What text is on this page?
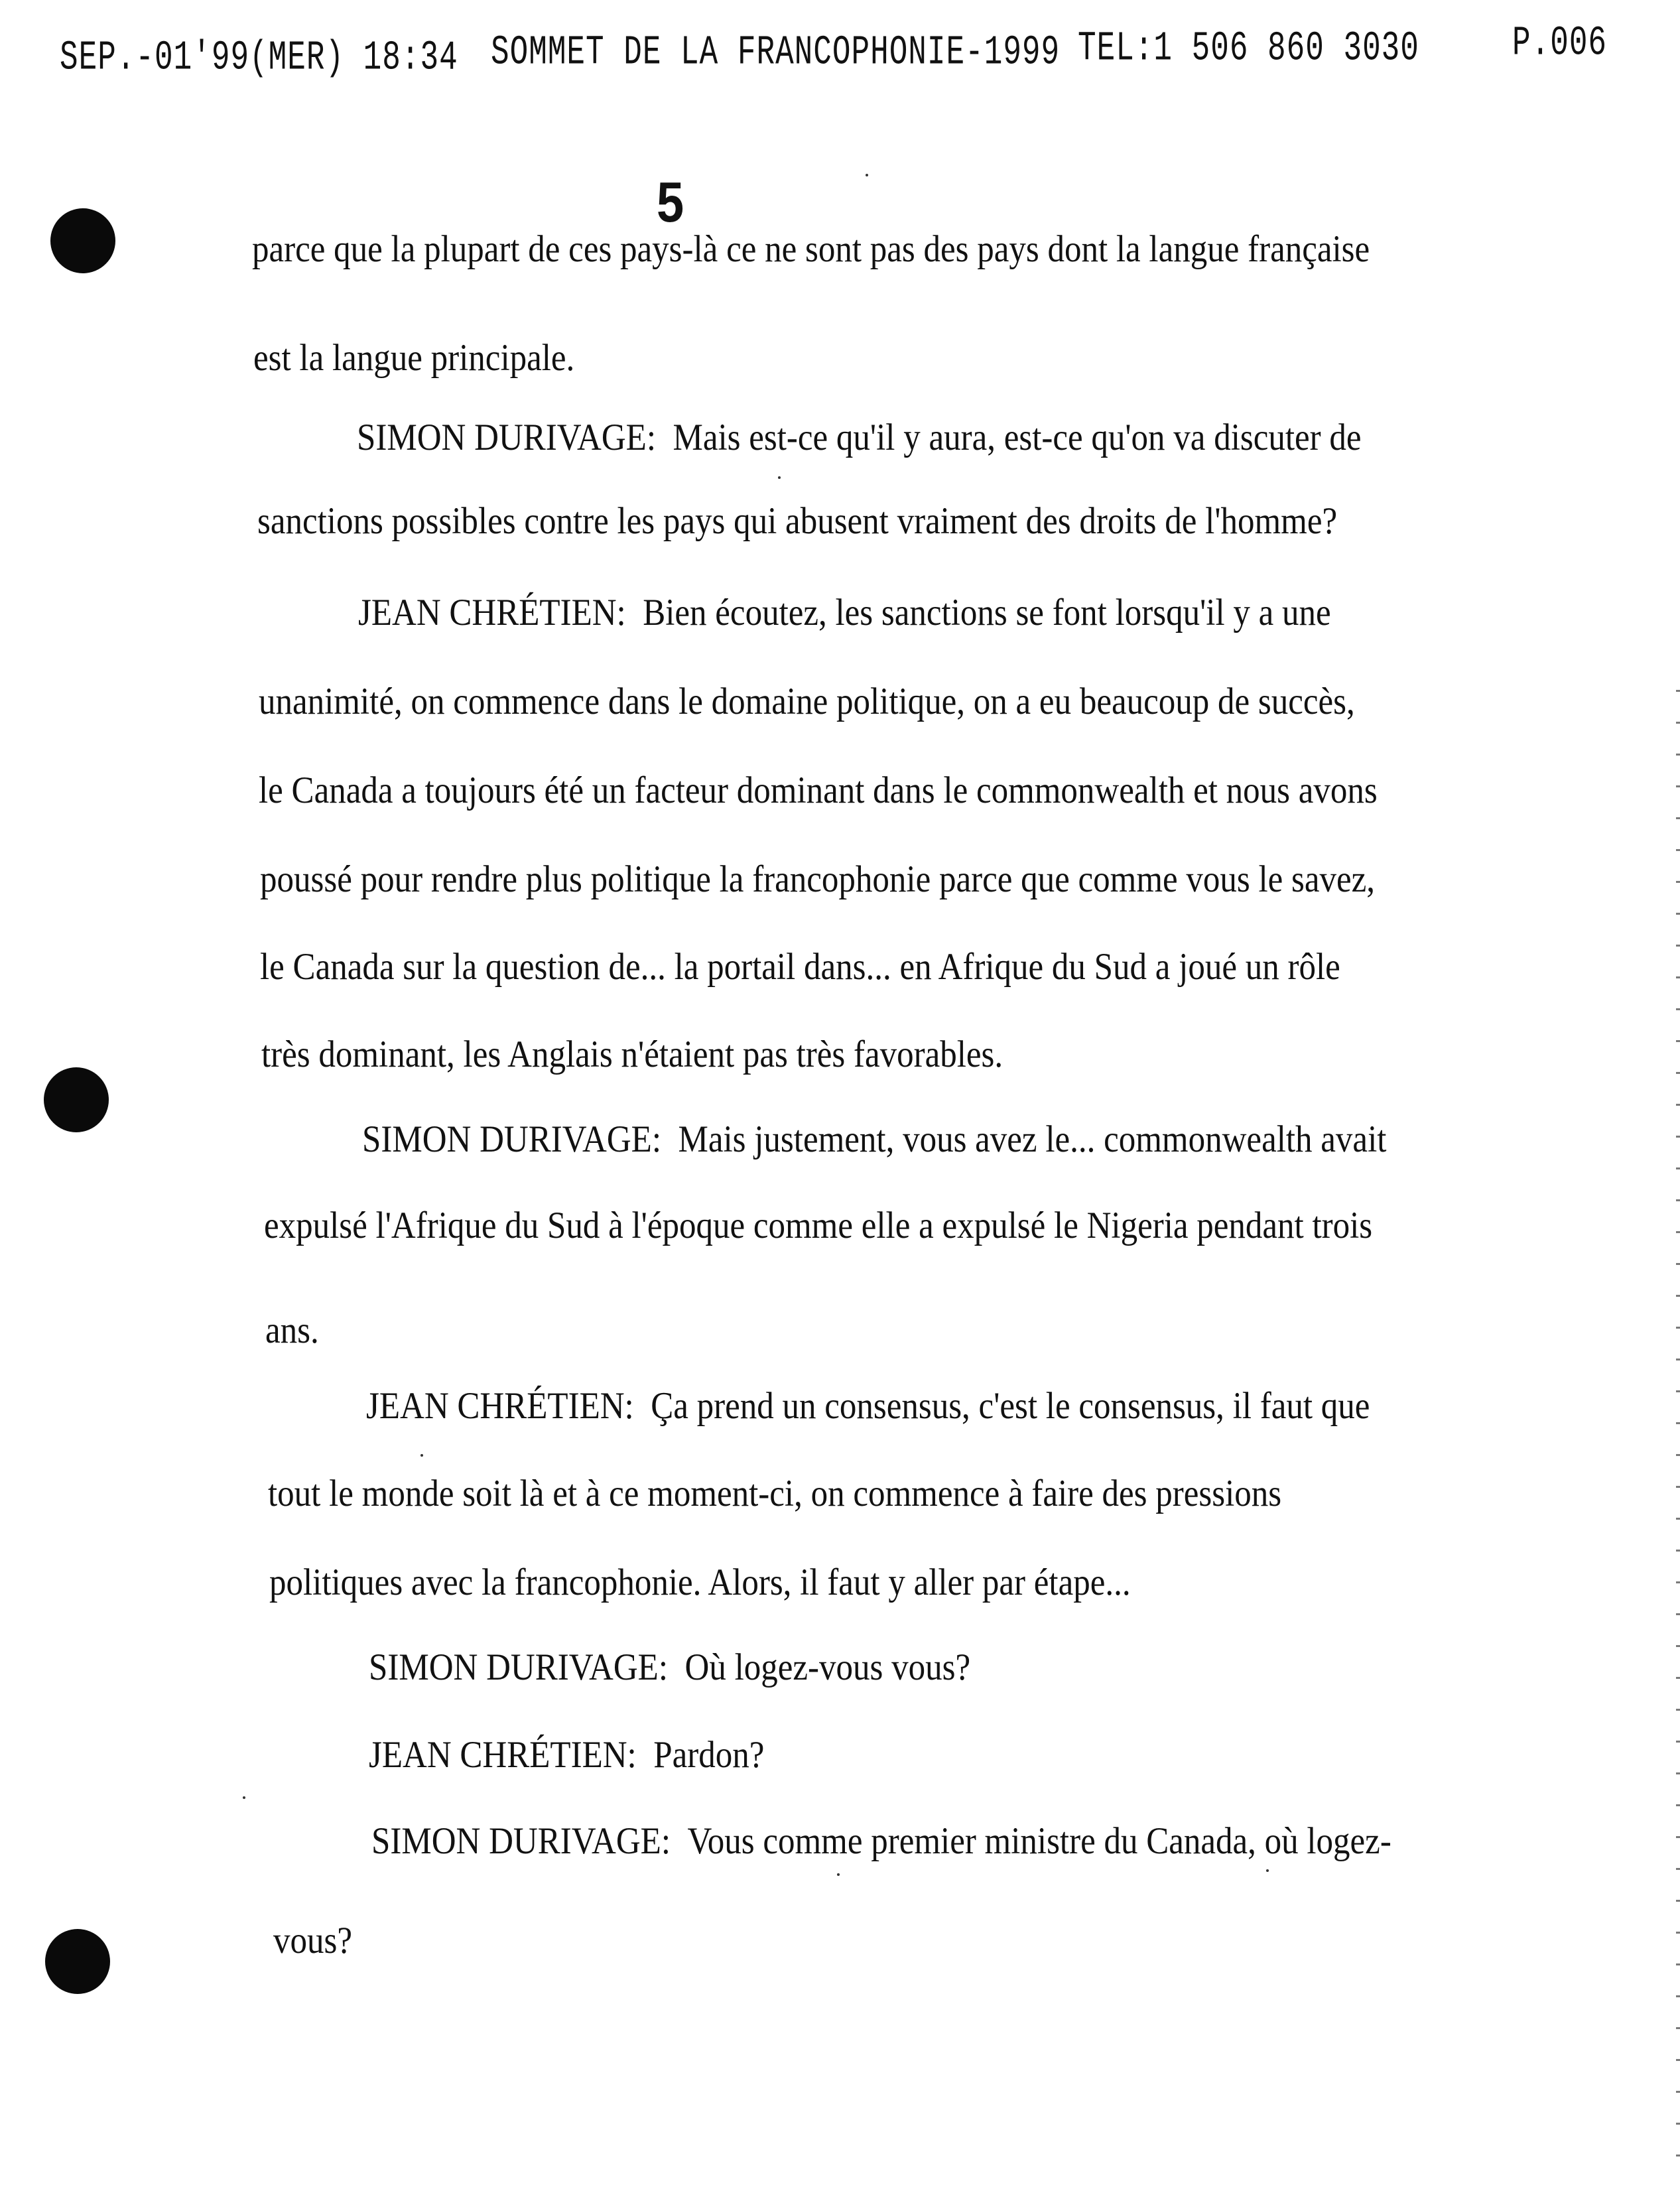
SEP.-01'99(MER) 18:34 SOMMET DE LA FRANCOPHONIE-1999 TEL:1 506 860 3030	P.006
5
parce que la plupart de ces pays-là ce ne sont pas des pays dont la langue française
est la langue principale.
SIMON DURIVAGE: Mais est-ce qu'il y aura, est-ce qu'on va discuter de
sanctions possibles contre les pays qui abusent vraiment des droits de l'homme?
JEAN CHRÉTIEN: Bien écoutez, les sanctions se font lorsqu'il y a une
unanimité, on commence dans le domaine politique, on a eu beaucoup de succès,
le Canada a toujours été un facteur dominant dans le commonwealth et nous avons
poussé pour rendre plus politique la francophonie parce que comme vous le savez,
le Canada sur la question de... la portail dans... en Afrique du Sud a joué un rôle
très dominant, les Anglais n'étaient pas très favorables.
SIMON DURIVAGE: Mais justement, vous avez le... commonwealth avait
expulsé l'Afrique du Sud à l'époque comme elle a expulsé le Nigeria pendant trois
ans.
JEAN CHRÉTIEN: Ça prend un consensus, c'est le consensus, il faut que
tout le monde soit là et à ce moment-ci, on commence à faire des pressions
politiques avec la francophonie. Alors, il faut y aller par étape...
SIMON DURIVAGE: Où logez-vous vous?
JEAN CHRÉTIEN: Pardon?
SIMON DURIVAGE: Vous comme premier ministre du Canada, où logez-
vous?
